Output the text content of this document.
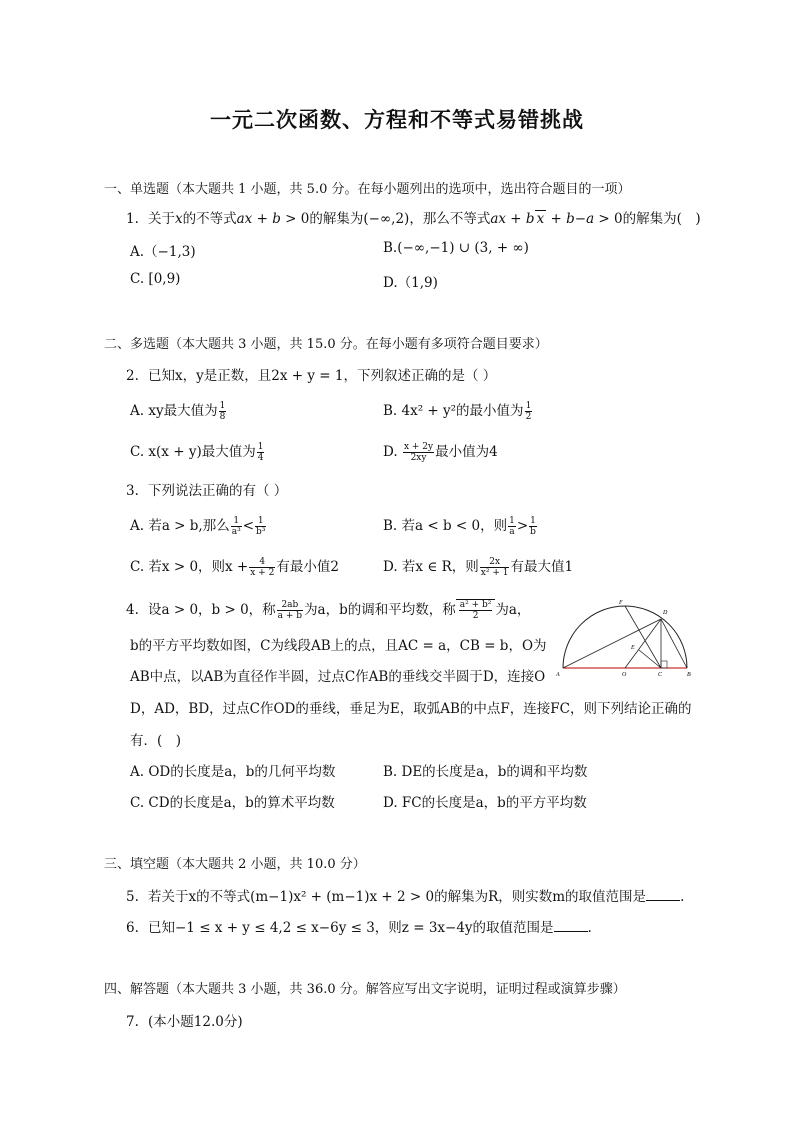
一元二次函数、方程和不等式易错挑战
一、单选题（本大题共 1 小题，共 5.0 分。在每小题列出的选项中，选出符合题目的一项）
1. 关于x的不等式ax + b > 0的解集为(−∞,2)，那么不等式ax + b x + b−a > 0的解集为(　)
A.（−1,3)	B.(−∞,−1) ∪ (3, + ∞)
C. [0,9)	D.（1,9)
二、多选题（本大题共 3 小题，共 15.0 分。在每小题有多项符合题目要求）
2. 已知x，y是正数，且2x + y = 1，下列叙述正确的是（ ）
A. xy最大值为 $\frac{1}{8}$	B. 4x² + y²的最小值为 $\frac{1}{2}$
C. x(x + y)最大值为 $\frac{1}{4}$	D. $\frac{x + 2y}{2xy}$ 最小值为4
3. 下列说法正确的有（ ）
A. 若a > b,那么 $\frac{1}{\text{a³}} < \frac{1}{\text{b³}}$	B. 若a < b < 0，则 $\frac{1}{a} > \frac{1}{b}$
C. 若x > 0，则$x + \frac{4}{x + 2}$ 有最小值2	D. 若x ∈ R，则 $\frac{2x}{\text{x² + 1}}$ 有最大值1
4. 设a > 0，b > 0，称 $\frac{2ab}{a + b}$ 为a，b的调和平均数，称 $\frac{\text{a² + b²}}{2}$ 为a，
b的平方平均数如图，C为线段AB上的点，且AC = a，CB = b，O为
AB中点，以AB为直径作半圆，过点C作AB的垂线交半圆于D，连接O
D，AD，BD，过点C作OD的垂线，垂足为E，取弧AB的中点F，连接FC，则下列结论正确的
有．(　)
F
D
E
A	O	C	B
A. OD的长度是a，b的几何平均数	B. DE的长度是a，b的调和平均数
C. CD的长度是a，b的算术平均数	D. FC的长度是a，b的平方平均数
三、填空题（本大题共 2 小题，共 10.0 分）
5. 若关于x的不等式(m−1)x² + (m−1)x + 2 > 0的解集为R，则实数m的取值范围是	.
6. 已知−1 ≤ x + y ≤ 4,2 ≤ x−6y ≤ 3，则z = 3x−4y的取值范围是	.
四、解答题（本大题共 3 小题，共 36.0 分。解答应写出文字说明，证明过程或演算步骤）
7. (本小题12.0分)
